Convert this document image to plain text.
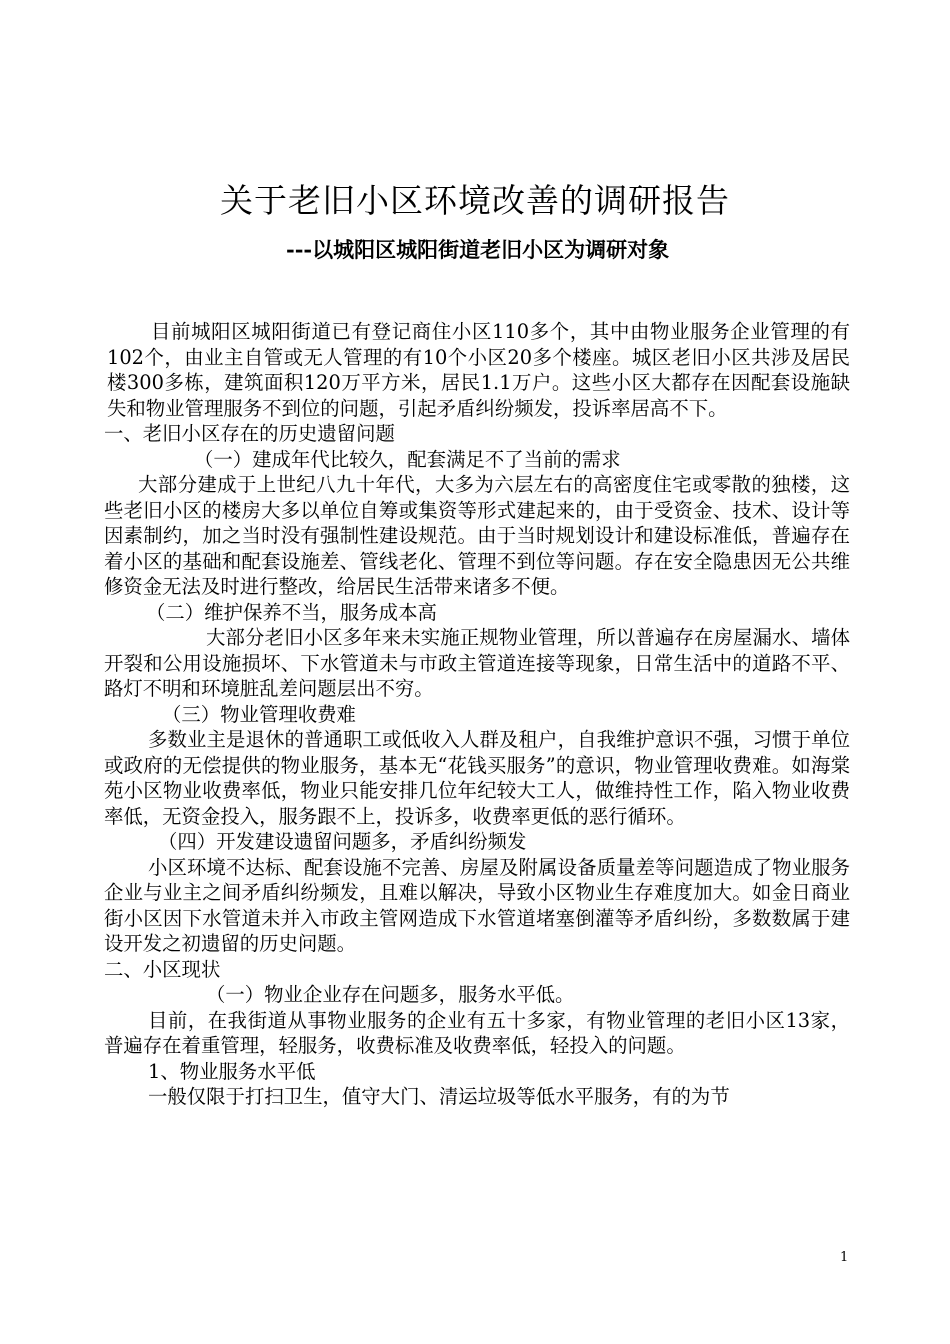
关于老旧小区环境改善的调研报告
---以城阳区城阳街道老旧小区为调研对象

目前城阳区城阳街道已有登记商住小区110多个，其中由物业服务企业管理的有102个，由业主自管或无人管理的有10个小区20多个楼座。城区老旧小区共涉及居民楼300多栋，建筑面积120万平方米，居民1.1万户。这些小区大都存在因配套设施缺失和物业管理服务不到位的问题，引起矛盾纠纷频发，投诉率居高不下。

一、老旧小区存在的历史遗留问题

（一）建成年代比较久，配套满足不了当前的需求

大部分建成于上世纪八九十年代，大多为六层左右的高密度住宅或零散的独楼，这些老旧小区的楼房大多以单位自筹或集资等形式建起来的，由于受资金、技术、设计等因素制约，加之当时没有强制性建设规范。由于当时规划设计和建设标准低，普遍存在着小区的基础和配套设施差、管线老化、管理不到位等问题。存在安全隐患因无公共维修资金无法及时进行整改，给居民生活带来诸多不便。

（二）维护保养不当，服务成本高

大部分老旧小区多年来未实施正规物业管理，所以普遍存在房屋漏水、墙体开裂和公用设施损坏、下水管道未与市政主管道连接等现象，日常生活中的道路不平、路灯不明和环境脏乱差问题层出不穷。

（三）物业管理收费难

多数业主是退休的普通职工或低收入人群及租户，自我维护意识不强，习惯于单位或政府的无偿提供的物业服务，基本无“花钱买服务”的意识，物业管理收费难。如海棠苑小区物业收费率低，物业只能安排几位年纪较大工人，做维持性工作，陷入物业收费率低，无资金投入，服务跟不上，投诉多，收费率更低的恶行循环。

（四）开发建设遗留问题多，矛盾纠纷频发

小区环境不达标、配套设施不完善、房屋及附属设备质量差等问题造成了物业服务企业与业主之间矛盾纠纷频发，且难以解决，导致小区物业生存难度加大。如金日商业街小区因下水管道未并入市政主管网造成下水管道堵塞倒灌等矛盾纠纷，多数数属于建设开发之初遗留的历史问题。

二、小区现状

（一）物业企业存在问题多，服务水平低。

目前，在我街道从事物业服务的企业有五十多家，有物业管理的老旧小区13家，普遍存在着重管理，轻服务，收费标准及收费率低，轻投入的问题。

1、物业服务水平低

一般仅限于打扫卫生，值守大门、清运垃圾等低水平服务，有的为节

1
